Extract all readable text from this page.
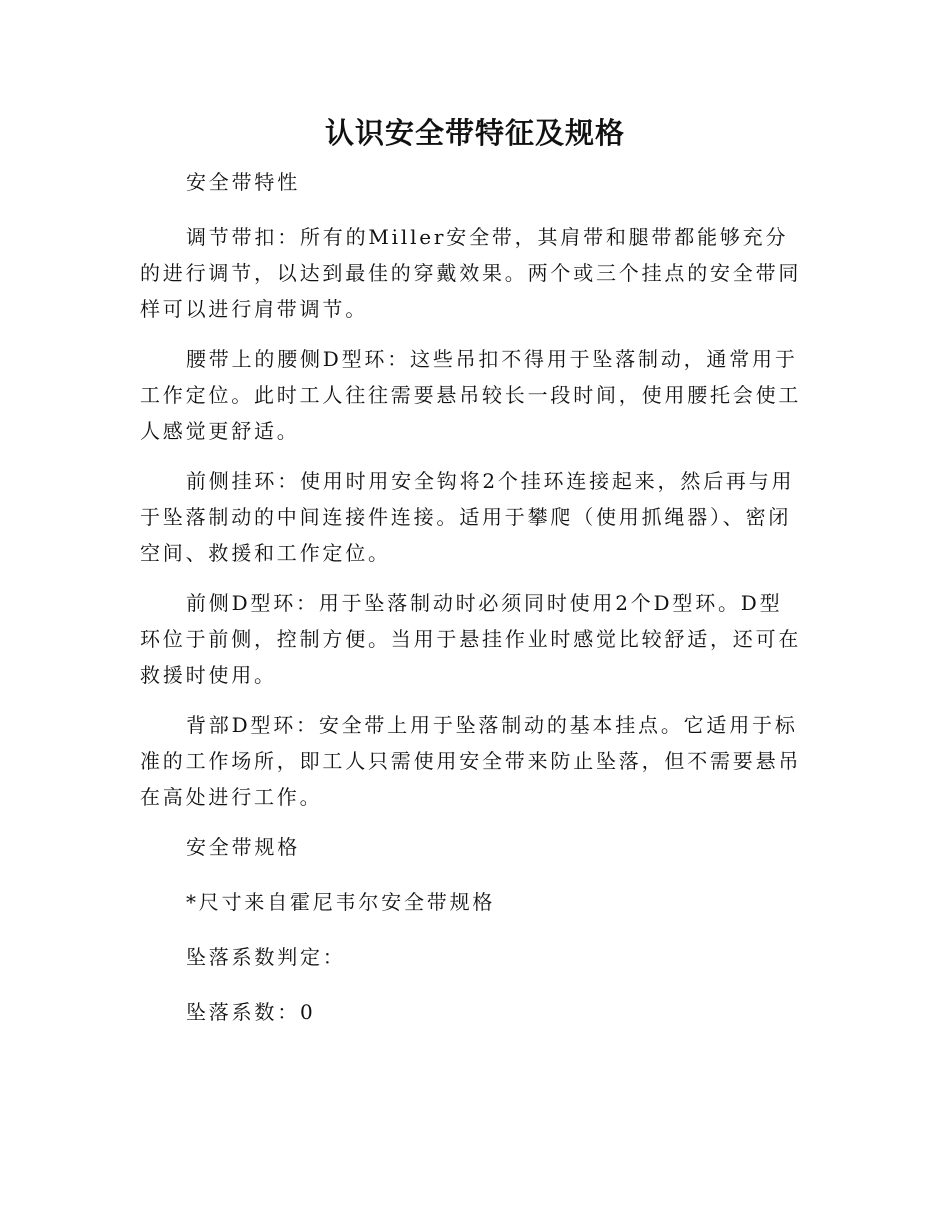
认识安全带特征及规格

安全带特性

调节带扣：所有的Miller安全带，其肩带和腿带都能够充分的进行调节，以达到最佳的穿戴效果。两个或三个挂点的安全带同样可以进行肩带调节。

腰带上的腰侧D型环：这些吊扣不得用于坠落制动，通常用于工作定位。此时工人往往需要悬吊较长一段时间，使用腰托会使工人感觉更舒适。

前侧挂环：使用时用安全钩将2个挂环连接起来，然后再与用于坠落制动的中间连接件连接。适用于攀爬（使用抓绳器）、密闭空间、救援和工作定位。

前侧D型环：用于坠落制动时必须同时使用2个D型环。D型环位于前侧，控制方便。当用于悬挂作业时感觉比较舒适，还可在救援时使用。

背部D型环：安全带上用于坠落制动的基本挂点。它适用于标准的工作场所，即工人只需使用安全带来防止坠落，但不需要悬吊在高处进行工作。

安全带规格

*尺寸来自霍尼韦尔安全带规格

坠落系数判定：

坠落系数：0
